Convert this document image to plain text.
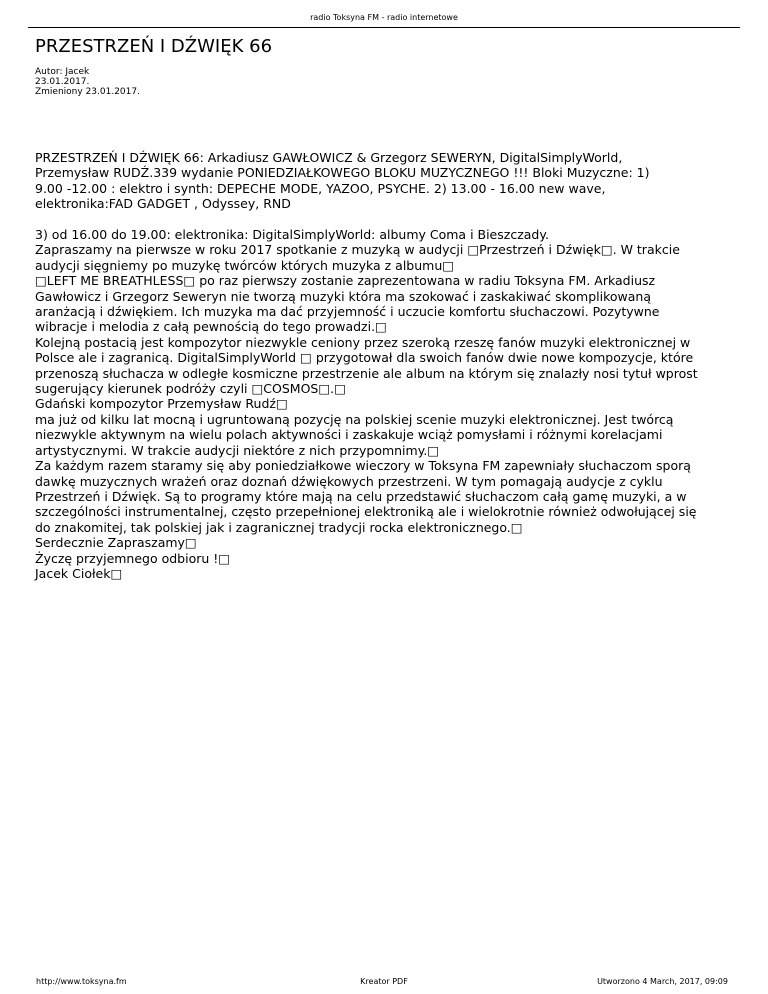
radio Toksyna FM - radio internetowe
PRZESTRZEŃ I DŹWIĘK 66
Autor: Jacek
23.01.2017.
Zmieniony 23.01.2017.

PRZESTRZEŃ I DŹWIĘK 66: Arkadiusz GAWŁOWICZ & Grzegorz SEWERYN, DigitalSimplyWorld,

Przemysław RUDŹ.339 wydanie PONIEDZIAŁKOWEGO BLOKU MUZYCZNEGO !!! Bloki Muzyczne: 1)

9.00 -12.00 : elektro i synth: DEPECHE MODE, YAZOO, PSYCHE. 2) 13.00 - 16.00 new wave,

elektronika:FAD GADGET , Odyssey, RND

3) od 16.00 do 19.00: elektronika: DigitalSimplyWorld: albumy Coma i Bieszczady.

Zapraszamy na pierwsze w roku 2017 spotkanie z muzyką w audycji □Przestrzeń i Dźwięk□. W trakcie

audycji sięgniemy po muzykę twórców których muzyka z albumu□

□LEFT ME BREATHLESS□ po raz pierwszy zostanie zaprezentowana w radiu Toksyna FM. Arkadiusz

Gawłowicz i Grzegorz Seweryn nie tworzą muzyki która ma szokować i zaskakiwać skomplikowaną

aranżacją i dźwiękiem. Ich muzyka ma dać przyjemność i uczucie komfortu słuchaczowi. Pozytywne

wibracje i melodia z całą pewnością do tego prowadzi.□

Kolejną postacią jest kompozytor niezwykle ceniony przez szeroką rzeszę fanów muzyki elektronicznej w

Polsce ale i zagranicą. DigitalSimplyWorld □ przygotował dla swoich fanów dwie nowe kompozycje, które

przenoszą słuchacza w odległe kosmiczne przestrzenie ale album na którym się znalazły nosi tytuł wprost

sugerujący kierunek podróży czyli □COSMOS□.□

Gdański kompozytor Przemysław Rudź□

ma już od kilku lat mocną i ugruntowaną pozycję na polskiej scenie muzyki elektronicznej. Jest twórcą

niezwykle aktywnym na wielu polach aktywności i zaskakuje wciąż pomysłami i różnymi korelacjami

artystycznymi. W trakcie audycji niektóre z nich przypomnimy.□

Za każdym razem staramy się aby poniedziałkowe wieczory w Toksyna FM zapewniały słuchaczom sporą

dawkę muzycznych wrażeń oraz doznań dźwiękowych przestrzeni. W tym pomagają audycje z cyklu

Przestrzeń i Dźwięk. Są to programy które mają na celu przedstawić słuchaczom całą gamę muzyki, a w

szczególności instrumentalnej, często przepełnionej elektroniką ale i wielokrotnie również odwołującej się

do znakomitej, tak polskiej jak i zagranicznej tradycji rocka elektronicznego.□

Serdecznie Zapraszamy□

Życzę przyjemnego odbioru !□

Jacek Ciołek□

http://www.toksyna.fm	Kreator PDF	Utworzono 4 March, 2017, 09:09
